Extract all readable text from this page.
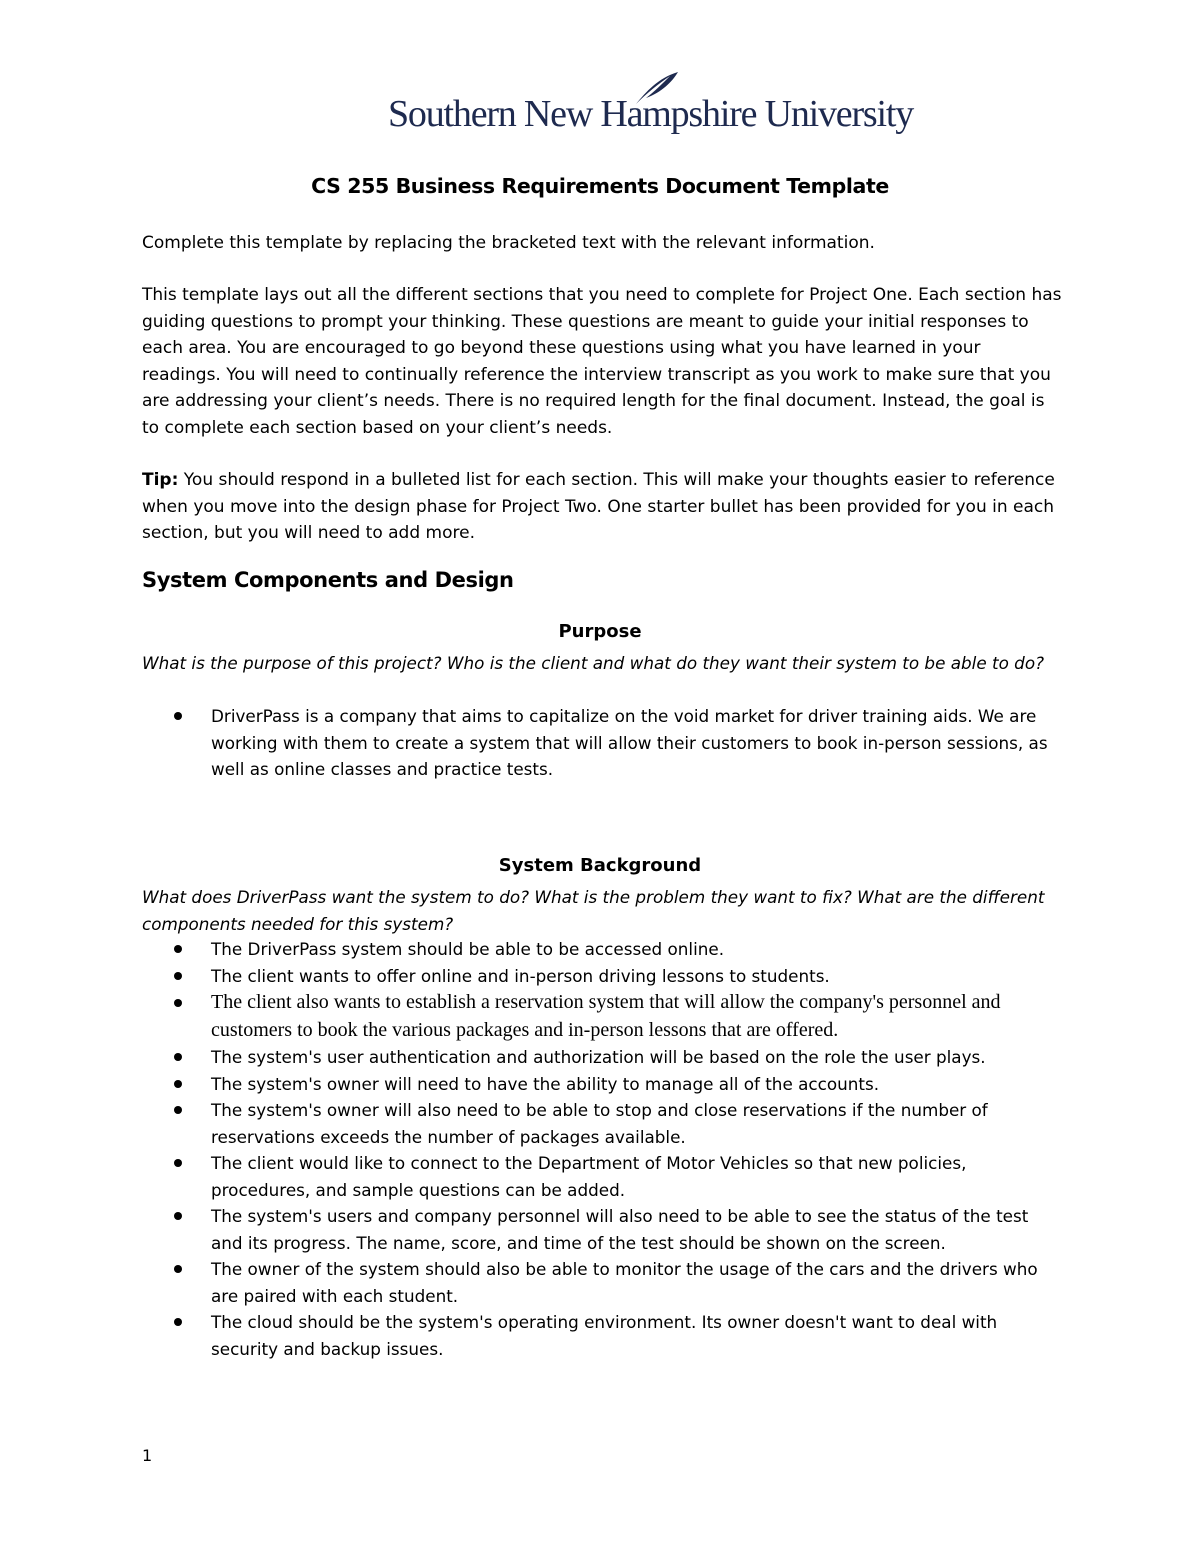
Southern New Hampshire University
CS 255 Business Requirements Document Template
Complete this template by replacing the bracketed text with the relevant information.
This template lays out all the different sections that you need to complete for Project One. Each section has guiding questions to prompt your thinking. These questions are meant to guide your initial responses to each area. You are encouraged to go beyond these questions using what you have learned in your readings. You will need to continually reference the interview transcript as you work to make sure that you are addressing your client’s needs. There is no required length for the final document. Instead, the goal is to complete each section based on your client’s needs.
Tip: You should respond in a bulleted list for each section. This will make your thoughts easier to reference when you move into the design phase for Project Two. One starter bullet has been provided for you in each section, but you will need to add more.
System Components and Design
Purpose
What is the purpose of this project? Who is the client and what do they want their system to be able to do?
DriverPass is a company that aims to capitalize on the void market for driver training aids. We are working with them to create a system that will allow their customers to book in-person sessions, as well as online classes and practice tests.
System Background
What does DriverPass want the system to do? What is the problem they want to fix? What are the different components needed for this system?
The DriverPass system should be able to be accessed online.
The client wants to offer online and in-person driving lessons to students.
The client also wants to establish a reservation system that will allow the company's personnel and customers to book the various packages and in-person lessons that are offered.
The system's user authentication and authorization will be based on the role the user plays.
The system's owner will need to have the ability to manage all of the accounts.
The system's owner will also need to be able to stop and close reservations if the number of reservations exceeds the number of packages available.
The client would like to connect to the Department of Motor Vehicles so that new policies, procedures, and sample questions can be added.
The system's users and company personnel will also need to be able to see the status of the test and its progress. The name, score, and time of the test should be shown on the screen.
The owner of the system should also be able to monitor the usage of the cars and the drivers who are paired with each student.
The cloud should be the system's operating environment. Its owner doesn't want to deal with security and backup issues.
1
